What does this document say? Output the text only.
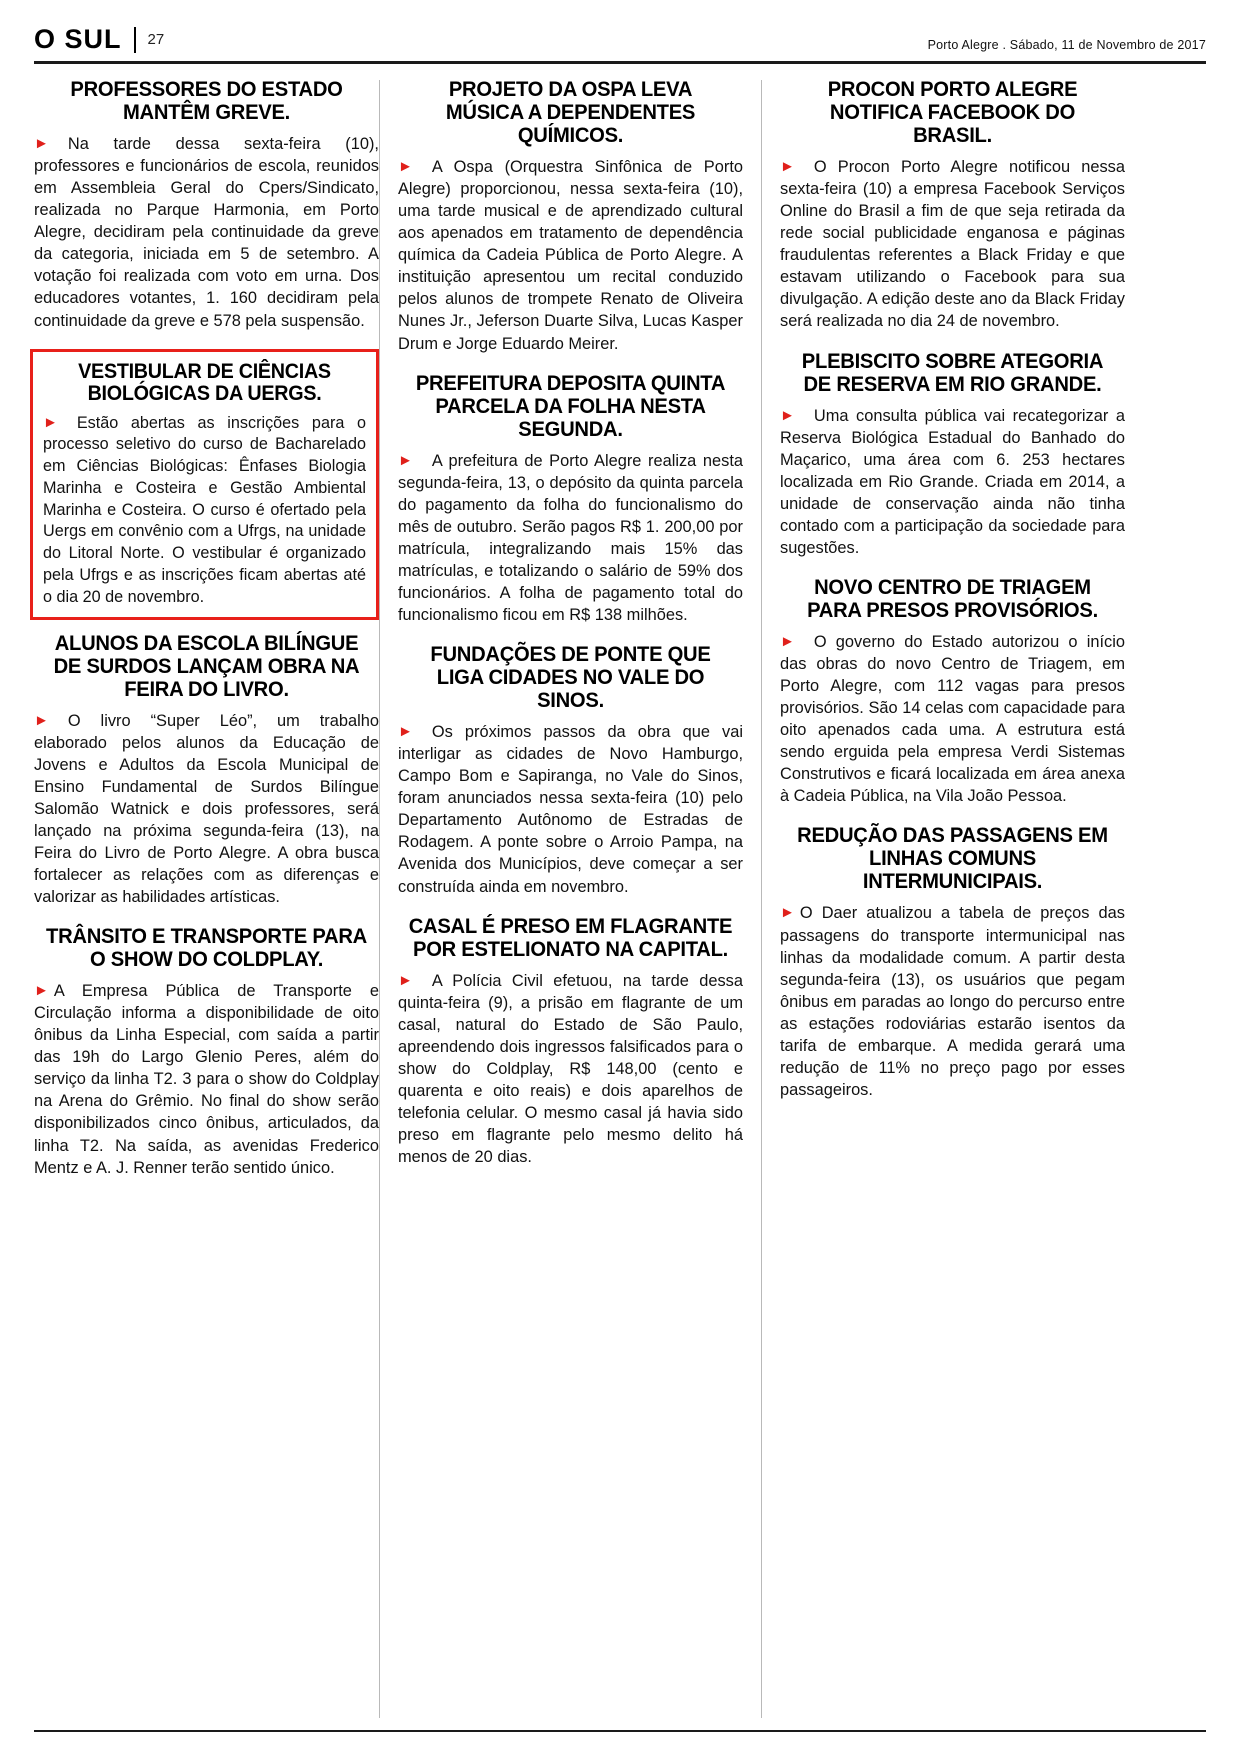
O SUL 27	Porto Alegre . Sábado, 11 de Novembro de 2017
PROFESSORES DO ESTADO MANTÊM GREVE.

► Na tarde dessa sexta-feira (10), professores e funcionários de escola, reunidos em Assembleia Geral do Cpers/Sindicato, realizada no Parque Harmonia, em Porto Alegre, decidiram pela continuidade da greve da categoria, iniciada em 5 de setembro. A votação foi realizada com voto em urna. Dos educadores votantes, 1. 160 decidiram pela continuidade da greve e 578 pela suspensão.

VESTIBULAR DE CIÊNCIAS BIOLÓGICAS DA UERGS.

► Estão abertas as inscrições para o processo seletivo do curso de Bacharelado em Ciências Biológicas: Ênfases Biologia Marinha e Costeira e Gestão Ambiental Marinha e Costeira. O curso é ofertado pela Uergs em convênio com a Ufrgs, na unidade do Litoral Norte. O vestibular é organizado pela Ufrgs e as inscrições ficam abertas até o dia 20 de novembro.

ALUNOS DA ESCOLA BILÍNGUE DE SURDOS LANÇAM OBRA NA FEIRA DO LIVRO.

► O livro “Super Léo”, um trabalho elaborado pelos alunos da Educação de Jovens e Adultos da Escola Municipal de Ensino Fundamental de Surdos Bilíngue Salomão Watnick e dois professores, será lançado na próxima segunda-feira (13), na Feira do Livro de Porto Alegre. A obra busca fortalecer as relações com as diferenças e valorizar as habilidades artísticas.

TRÂNSITO E TRANSPORTE PARA O SHOW DO COLDPLAY.

► A Empresa Pública de Transporte e Circulação informa a disponibilidade de oito ônibus da Linha Especial, com saída a partir das 19h do Largo Glenio Peres, além do serviço da linha T2. 3 para o show do Coldplay na Arena do Grêmio. No final do show serão disponibilizados cinco ônibus, articulados, da linha T2. Na saída, as avenidas Frederico Mentz e A. J. Renner terão sentido único.

PROJETO DA OSPA LEVA MÚSICA A DEPENDENTES QUÍMICOS.

► A Ospa (Orquestra Sinfônica de Porto Alegre) proporcionou, nessa sexta-feira (10), uma tarde musical e de aprendizado cultural aos apenados em tratamento de dependência química da Cadeia Pública de Porto Alegre. A instituição apresentou um recital conduzido pelos alunos de trompete Renato de Oliveira Nunes Jr., Jeferson Duarte Silva, Lucas Kasper Drum e Jorge Eduardo Meirer.

PREFEITURA DEPOSITA QUINTA PARCELA DA FOLHA NESTA SEGUNDA.

► A prefeitura de Porto Alegre realiza nesta segunda-feira, 13, o depósito da quinta parcela do pagamento da folha do funcionalismo do mês de outubro. Serão pagos R$ 1. 200,00 por matrícula, integralizando mais 15% das matrículas, e totalizando o salário de 59% dos funcionários. A folha de pagamento total do funcionalismo ficou em R$ 138 milhões.

FUNDAÇÕES DE PONTE QUE LIGA CIDADES NO VALE DO SINOS.

► Os próximos passos da obra que vai interligar as cidades de Novo Hamburgo, Campo Bom e Sapiranga, no Vale do Sinos, foram anunciados nessa sexta-feira (10) pelo Departamento Autônomo de Estradas de Rodagem. A ponte sobre o Arroio Pampa, na Avenida dos Municípios, deve começar a ser construída ainda em novembro.

CASAL É PRESO EM FLAGRANTE POR ESTELIONATO NA CAPITAL.

► A Polícia Civil efetuou, na tarde dessa quinta-feira (9), a prisão em flagrante de um casal, natural do Estado de São Paulo, apreendendo dois ingressos falsificados para o show do Coldplay, R$ 148,00 (cento e quarenta e oito reais) e dois aparelhos de telefonia celular. O mesmo casal já havia sido preso em flagrante pelo mesmo delito há menos de 20 dias.

PROCON PORTO ALEGRE NOTIFICA FACEBOOK DO BRASIL.

► O Procon Porto Alegre notificou nessa sexta-feira (10) a empresa Facebook Serviços Online do Brasil a fim de que seja retirada da rede social publicidade enganosa e páginas fraudulentas referentes a Black Friday e que estavam utilizando o Facebook para sua divulgação. A edição deste ano da Black Friday será realizada no dia 24 de novembro.

PLEBISCITO SOBRE ATEGORIA DE RESERVA EM RIO GRANDE.

► Uma consulta pública vai recategorizar a Reserva Biológica Estadual do Banhado do Maçarico, uma área com 6. 253 hectares localizada em Rio Grande. Criada em 2014, a unidade de conservação ainda não tinha contado com a participação da sociedade para sugestões.

NOVO CENTRO DE TRIAGEM PARA PRESOS PROVISÓRIOS.

► O governo do Estado autorizou o início das obras do novo Centro de Triagem, em Porto Alegre, com 112 vagas para presos provisórios. São 14 celas com capacidade para oito apenados cada uma. A estrutura está sendo erguida pela empresa Verdi Sistemas Construtivos e ficará localizada em área anexa à Cadeia Pública, na Vila João Pessoa.

REDUÇÃO DAS PASSAGENS EM LINHAS COMUNS INTERMUNICIPAIS.

► O Daer atualizou a tabela de preços das passagens do transporte intermunicipal nas linhas da modalidade comum. A partir desta segunda-feira (13), os usuários que pegam ônibus em paradas ao longo do percurso entre as estações rodoviárias estarão isentos da tarifa de embarque. A medida gerará uma redução de 11% no preço pago por esses passageiros.
